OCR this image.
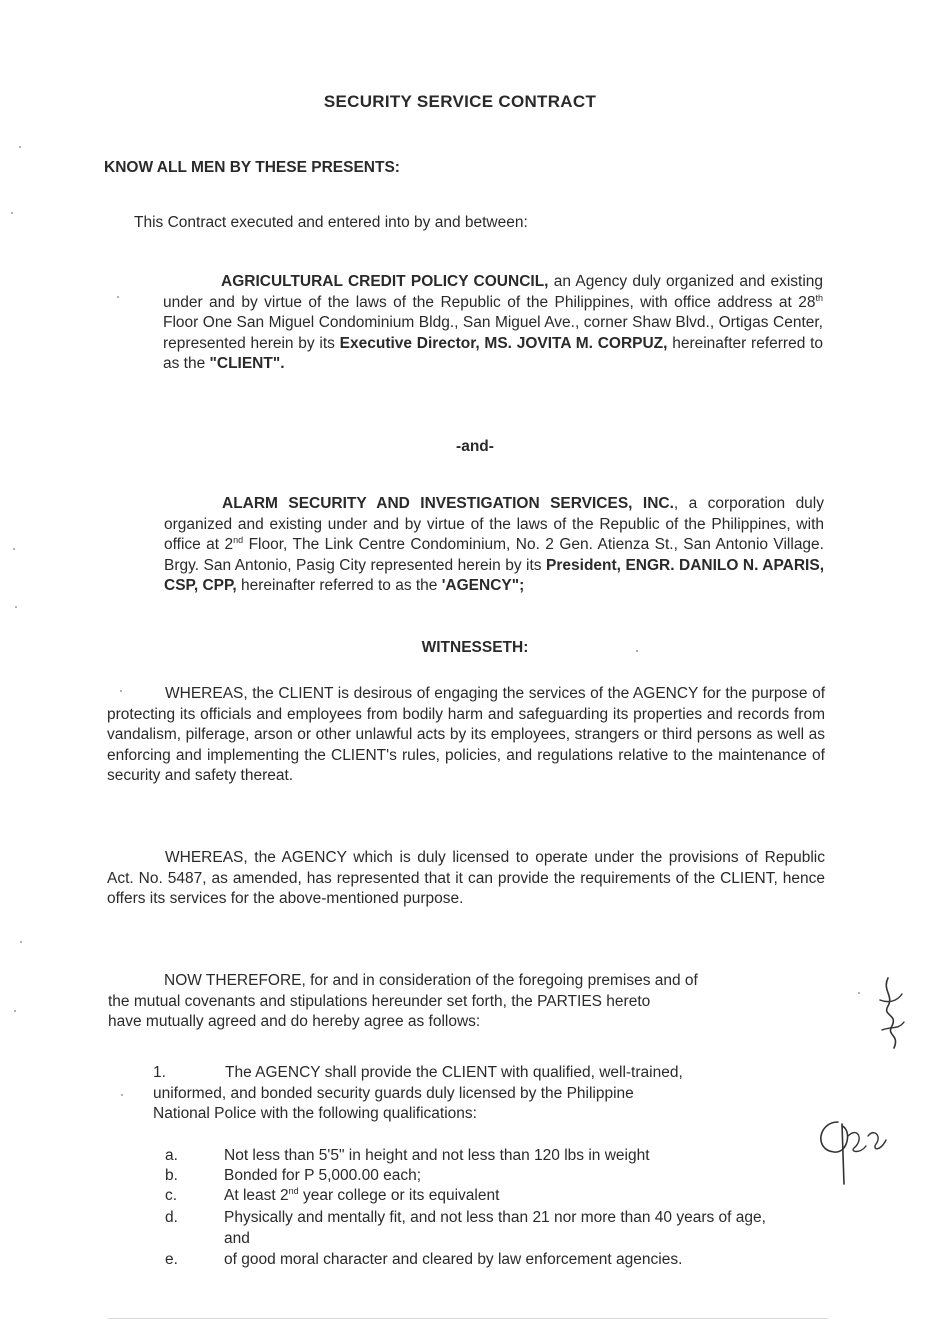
SECURITY SERVICE CONTRACT
KNOW ALL MEN BY THESE PRESENTS:
This Contract executed and entered into by and between:
AGRICULTURAL CREDIT POLICY COUNCIL, an Agency duly organized and existing under and by virtue of the laws of the Republic of the Philippines, with office address at 28th Floor One San Miguel Condominium Bldg., San Miguel Ave., corner Shaw Blvd., Ortigas Center, represented herein by its Executive Director, MS. JOVITA M. CORPUZ, hereinafter referred to as the "CLIENT".
-and-
ALARM SECURITY AND INVESTIGATION SERVICES, INC., a corporation duly organized and existing under and by virtue of the laws of the Republic of the Philippines, with office at 2nd Floor, The Link Centre Condominium, No. 2 Gen. Atienza St., San Antonio Village. Brgy. San Antonio, Pasig City represented herein by its President, ENGR. DANILO N. APARIS, CSP, CPP, hereinafter referred to as the 'AGENCY";
WITNESSETH:
WHEREAS, the CLIENT is desirous of engaging the services of the AGENCY for the purpose of protecting its officials and employees from bodily harm and safeguarding its properties and records from vandalism, pilferage, arson or other unlawful acts by its employees, strangers or third persons as well as enforcing and implementing the CLIENT's rules, policies, and regulations relative to the maintenance of security and safety thereat.
WHEREAS, the AGENCY which is duly licensed to operate under the provisions of Republic Act. No. 5487, as amended, has represented that it can provide the requirements of the CLIENT, hence offers its services for the above-mentioned purpose.
NOW THEREFORE, for and in consideration of the foregoing premises and of
the mutual covenants and stipulations hereunder set forth, the PARTIES hereto
have mutually agreed and do hereby agree as follows:
1.	The AGENCY shall provide the CLIENT with qualified, well-trained,
uniformed, and bonded security guards duly licensed by the Philippine
National Police with the following qualifications:
a.	Not less than 5'5" in height and not less than 120 lbs in weight
b.	Bonded for P 5,000.00 each;
c.	At least 2nd year college or its equivalent
d.	Physically and mentally fit, and not less than 21 nor more than 40 years of age, and
e.	of good moral character and cleared by law enforcement agencies.
